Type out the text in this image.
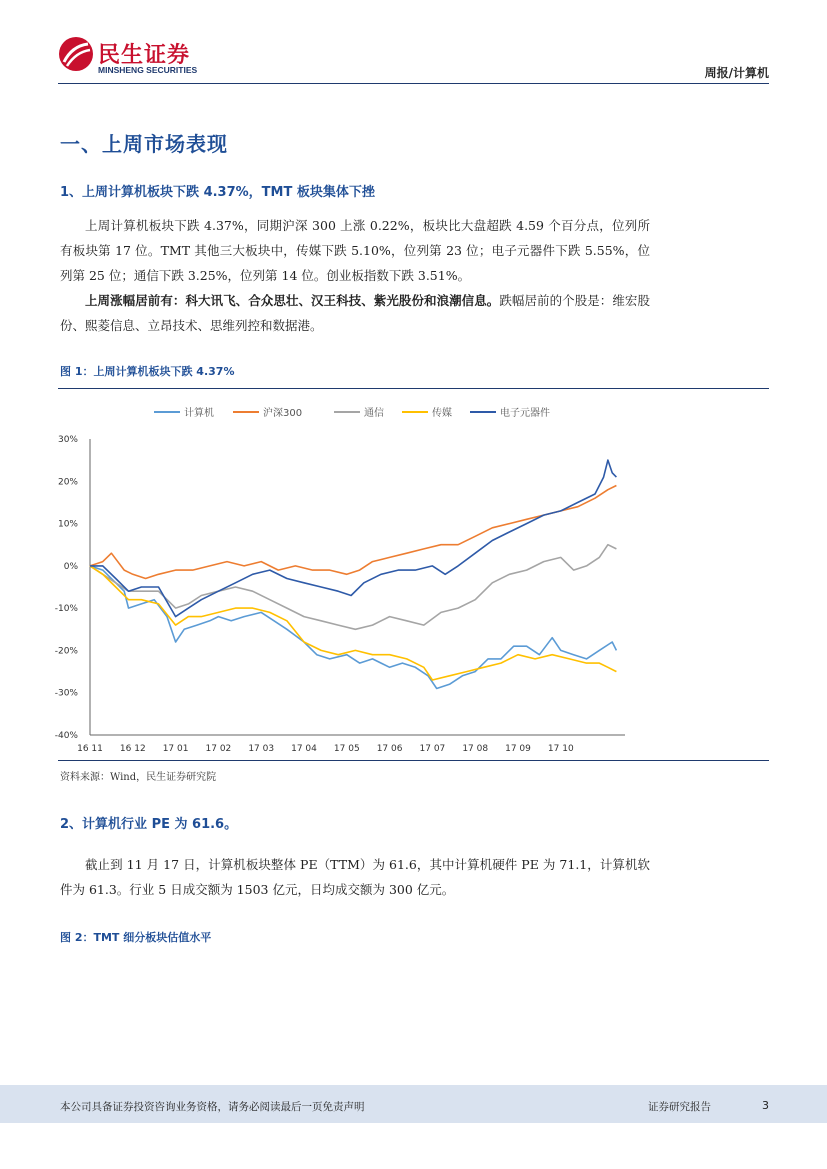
民生证券
MINSHENG SECURITIES	周报/计算机
一、上周市场表现
1、上周计算机板块下跌 4.37%，TMT 板块集体下挫

上周计算机板块下跌 4.37%，同期沪深 300 上涨 0.22%，板块比大盘超跌 4.59 个百分点，位列所有板块第 17 位。TMT 其他三大板块中，传媒下跌 5.10%，位列第 23 位；电子元器件下跌 5.55%，位列第 25 位；通信下跌 3.25%，位列第 14 位。创业板指数下跌 3.51%。

上周涨幅居前有：科大讯飞、合众思壮、汉王科技、紫光股份和浪潮信息。跌幅居前的个股是：维宏股份、熙菱信息、立昂技术、思维列控和数据港。

图 1：上周计算机板块下跌 4.37%
计算机	沪深300	通信	传媒	电子元器件
30%
20%
10%
0%
-10%
-20%
-30%
-40%
16 11 16 12 17 01 17 02 17 03 17 04 17 05 17 06 17 07 17 08 17 09 17 10
资料来源：Wind，民生证券研究院
2、计算机行业 PE 为 61.6。

截止到 11 月 17 日，计算机板块整体 PE（TTM）为 61.6，其中计算机硬件 PE 为 71.1，计算机软件为 61.3。行业 5 日成交额为 1503 亿元，日均成交额为 300 亿元。

图 2：TMT 细分板块估值水平
本公司具备证券投资咨询业务资格，请务必阅读最后一页免责声明	证券研究报告	3
